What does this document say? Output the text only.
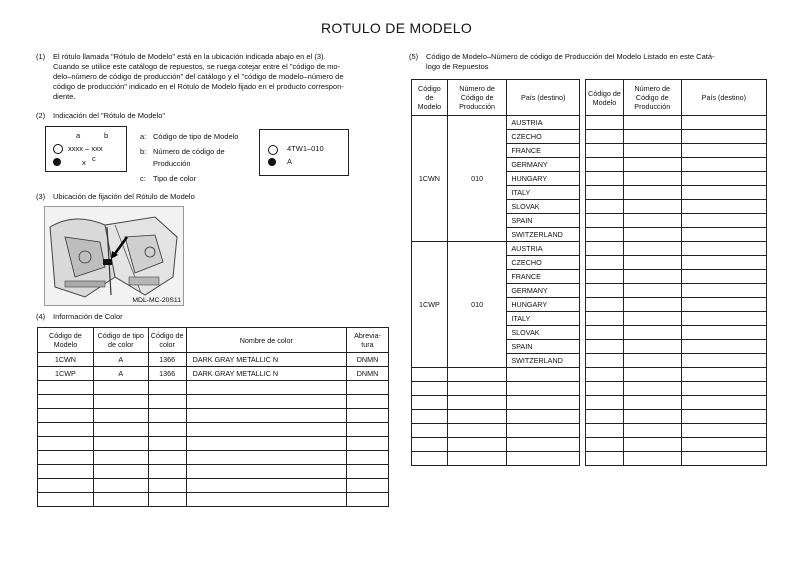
ROTULO DE MODELO
(1) El rótulo llamada "Rótulo de Modelo" está en la ubicación indicada abajo en el (3).
Cuando se utilice este catálogo de repuestos, se ruega cotejar entre el "código de mo-
delo–número de código de producción" del catálogo y el "código de modelo–número de
código de producción" indicado en el Rótulo de Modelo fijado en el producto correspon-
diente.
(2) Indicación del "Rótulo de Modelo"
a	b
xxxx – xxx
x c
a: Código de tipo de Modelo
b: Número de código de
Producción
c: Tipo de color
4TW1–010
A
(3) Ubicación de fijación del Rótulo de Modelo
MDL-MC-20S11
(4) Información de Color
Código de Modelo	Código de tipo de color	Código de color	Nombre de color	Abrevia- tura
1CWN	A	1366	DARK GRAY METALLIC N	DNMN
1CWP	A	1366	DARK GRAY METALLIC N	DNMN

(5) Código de Modelo–Número de código de Producción del Modelo Listado en este Catá-
logo de Repuestos
Código de Modelo	Número de Código de Producción	País (destino)
1CWN	010	AUSTRIA
		CZECHO
		FRANCE
		GERMANY
		HUNGARY
		ITALY
		SLOVAK
		SPAIN
		SWITZERLAND
1CWP	010	AUSTRIA
		CZECHO
		FRANCE
		GERMANY
		HUNGARY
		ITALY
		SLOVAK
		SPAIN
		SWITZERLAND

Código de Modelo	Número de Código de Producción	País (destino)
